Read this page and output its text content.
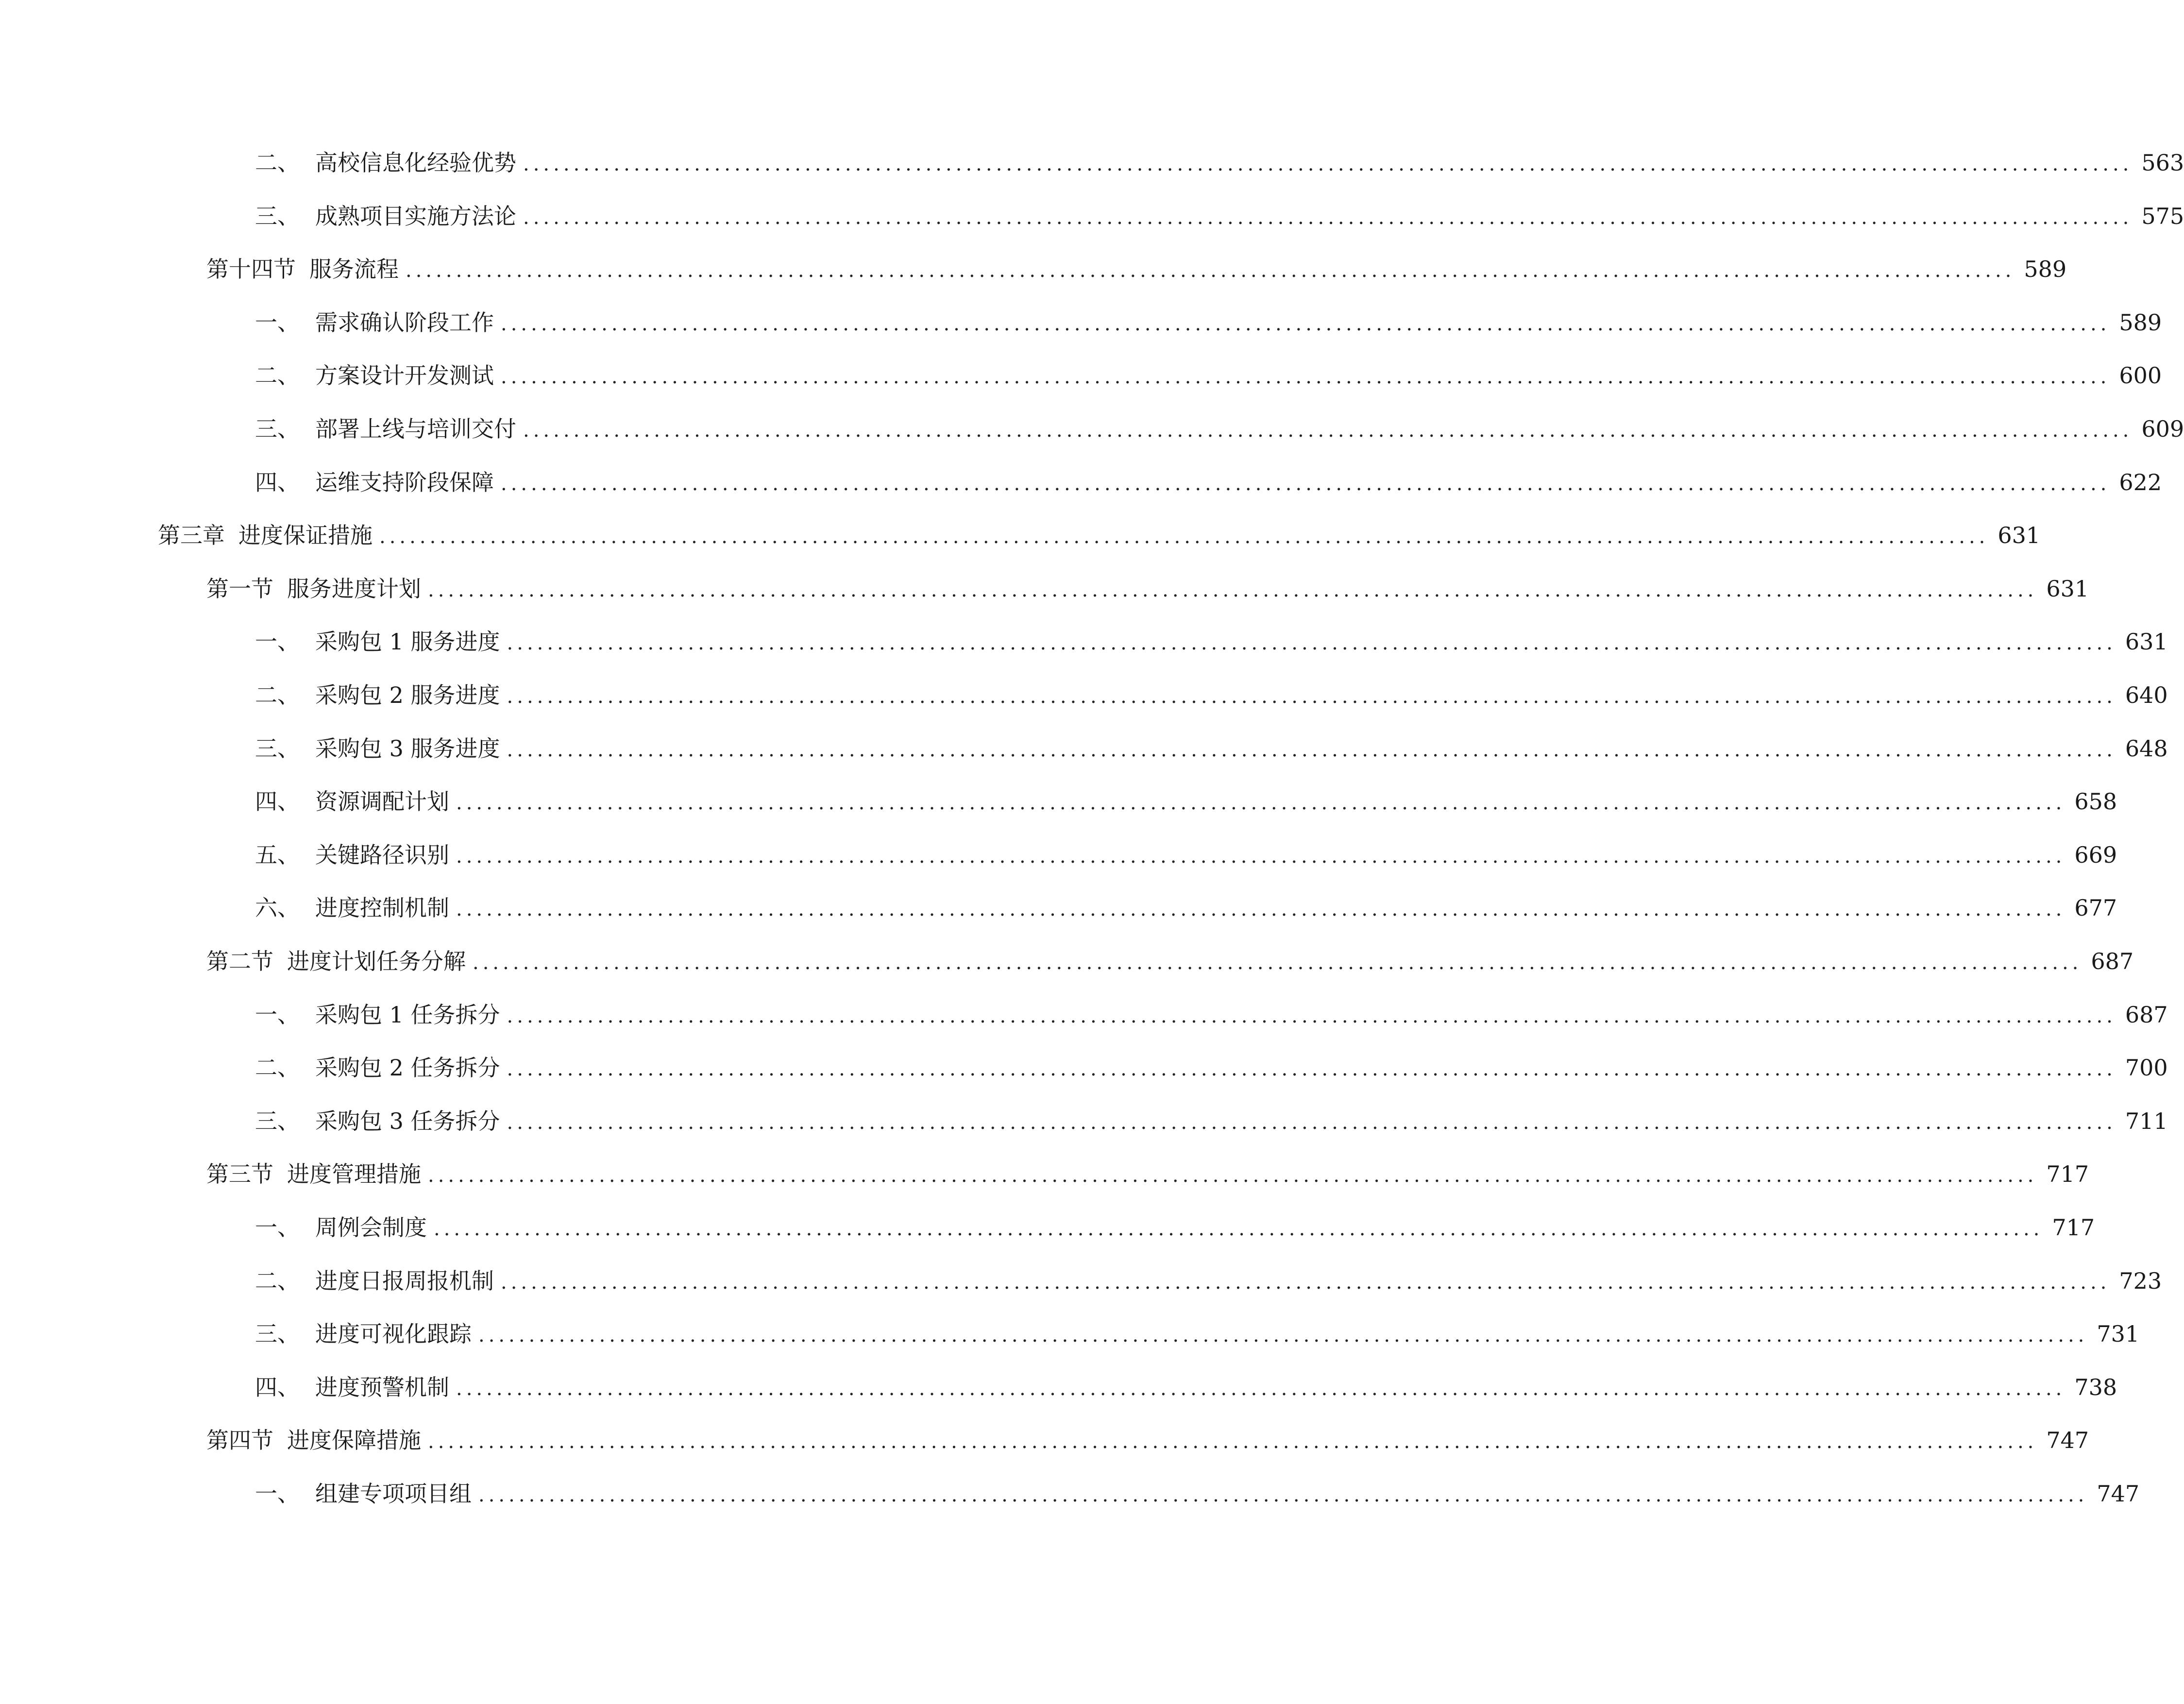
二、 高校信息化经验优势 ................................................................................................................................................................ 563
三、 成熟项目实施方法论 ................................................................................................................................................................ 575
第十四节 服务流程 ................................................................................................................................................................ 589
一、 需求确认阶段工作 ................................................................................................................................................................ 589
二、 方案设计开发测试 ................................................................................................................................................................ 600
三、 部署上线与培训交付 ................................................................................................................................................................ 609
四、 运维支持阶段保障 ................................................................................................................................................................ 622
第三章 进度保证措施 ................................................................................................................................................................ 631
第一节 服务进度计划 ................................................................................................................................................................ 631
一、 采购包 1 服务进度 ................................................................................................................................................................ 631
二、 采购包 2 服务进度 ................................................................................................................................................................ 640
三、 采购包 3 服务进度 ................................................................................................................................................................ 648
四、 资源调配计划 ................................................................................................................................................................ 658
五、 关键路径识别 ................................................................................................................................................................ 669
六、 进度控制机制 ................................................................................................................................................................ 677
第二节 进度计划任务分解 ................................................................................................................................................................ 687
一、 采购包 1 任务拆分 ................................................................................................................................................................ 687
二、 采购包 2 任务拆分 ................................................................................................................................................................ 700
三、 采购包 3 任务拆分 ................................................................................................................................................................ 711
第三节 进度管理措施 ................................................................................................................................................................ 717
一、 周例会制度 ................................................................................................................................................................ 717
二、 进度日报周报机制 ................................................................................................................................................................ 723
三、 进度可视化跟踪 ................................................................................................................................................................ 731
四、 进度预警机制 ................................................................................................................................................................ 738
第四节 进度保障措施 ................................................................................................................................................................ 747
一、 组建专项项目组 ................................................................................................................................................................ 747
